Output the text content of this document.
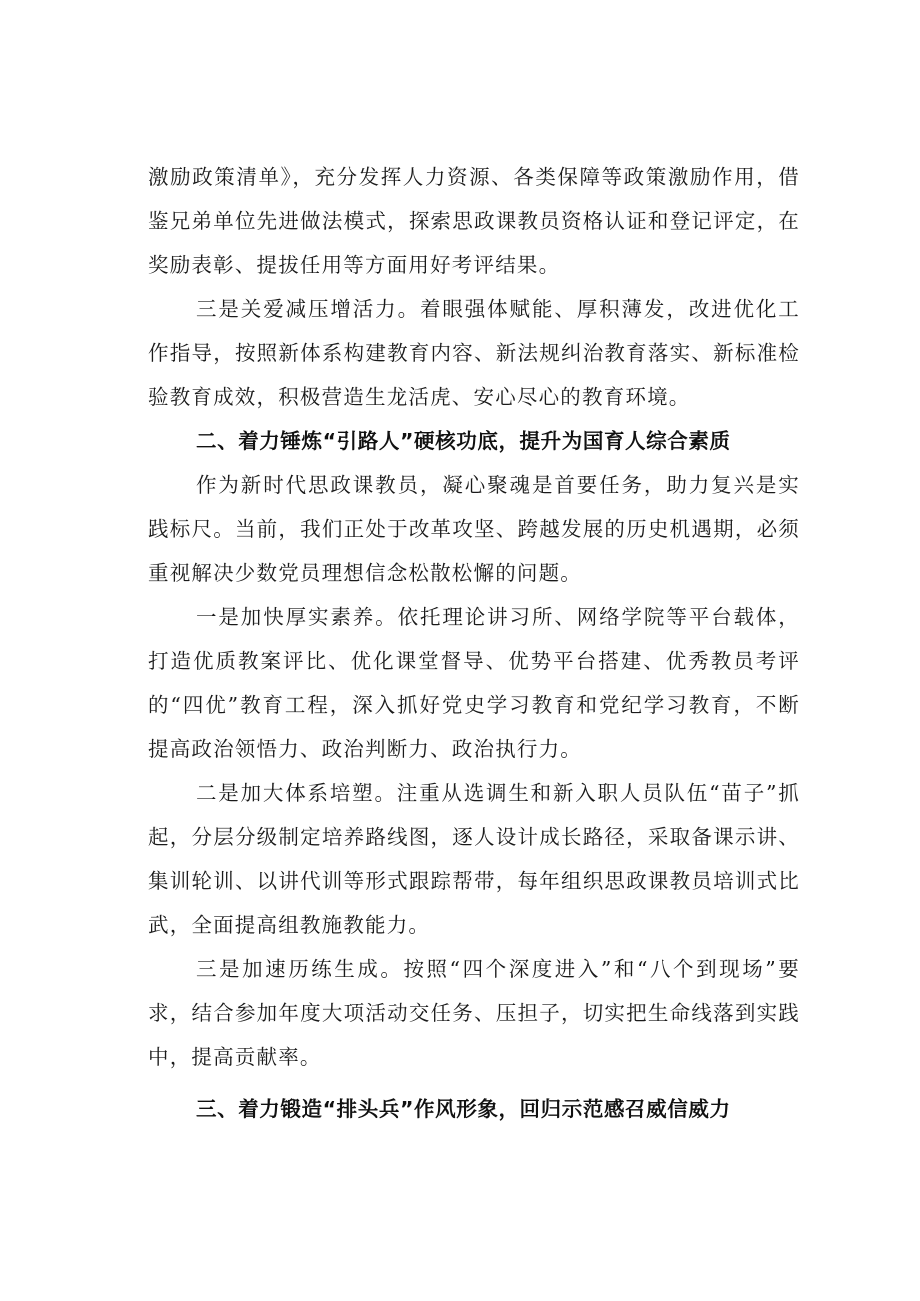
激励政策清单》，充分发挥人力资源、各类保障等政策激励作用，借鉴兄弟单位先进做法模式，探索思政课教员资格认证和登记评定，在奖励表彰、提拔任用等方面用好考评结果。

三是关爱减压增活力。着眼强体赋能、厚积薄发，改进优化工作指导，按照新体系构建教育内容、新法规纠治教育落实、新标准检验教育成效，积极营造生龙活虎、安心尽心的教育环境。

二、着力锤炼“引路人”硬核功底，提升为国育人综合素质

作为新时代思政课教员，凝心聚魂是首要任务，助力复兴是实践标尺。当前，我们正处于改革攻坚、跨越发展的历史机遇期，必须重视解决少数党员理想信念松散松懈的问题。

一是加快厚实素养。依托理论讲习所、网络学院等平台载体，打造优质教案评比、优化课堂督导、优势平台搭建、优秀教员考评的“四优”教育工程，深入抓好党史学习教育和党纪学习教育，不断提高政治领悟力、政治判断力、政治执行力。

二是加大体系培塑。注重从选调生和新入职人员队伍“苗子”抓起，分层分级制定培养路线图，逐人设计成长路径，采取备课示讲、集训轮训、以讲代训等形式跟踪帮带，每年组织思政课教员培训式比武，全面提高组教施教能力。

三是加速历练生成。按照“四个深度进入”和“八个到现场”要求，结合参加年度大项活动交任务、压担子，切实把生命线落到实践中，提高贡献率。

三、着力锻造“排头兵”作风形象，回归示范感召威信威力
